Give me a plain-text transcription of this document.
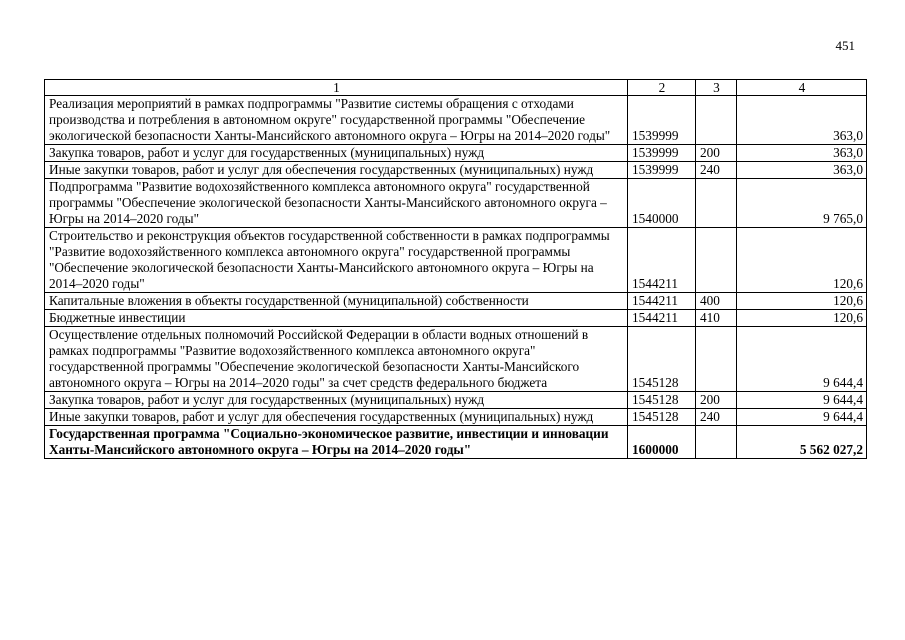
451
1	2	3	4
Реализация мероприятий в рамках подпрограммы "Развитие системы обращения с отходами производства и потребления в автономном округе" государственной программы "Обеспечение экологической безопасности Ханты-Мансийского автономного округа – Югры на 2014–2020 годы"	1539999		363,0
Закупка товаров, работ и услуг для государственных (муниципальных) нужд	1539999	200	363,0
Иные закупки товаров, работ и услуг для обеспечения государственных (муниципальных) нужд	1539999	240	363,0
Подпрограмма "Развитие водохозяйственного комплекса автономного округа" государственной программы "Обеспечение экологической безопасности Ханты-Мансийского автономного округа – Югры на 2014–2020 годы"	1540000		9 765,0
Строительство и реконструкция объектов государственной собственности в рамках подпрограммы "Развитие водохозяйственного комплекса автономного округа" государственной программы "Обеспечение экологической безопасности Ханты-Мансийского автономного округа – Югры на 2014–2020 годы"	1544211		120,6
Капитальные вложения в объекты государственной (муниципальной) собственности	1544211	400	120,6
Бюджетные инвестиции	1544211	410	120,6
Осуществление отдельных полномочий Российской Федерации в области водных отношений в рамках подпрограммы "Развитие водохозяйственного комплекса автономного округа" государственной программы "Обеспечение экологической безопасности Ханты-Мансийского автономного округа – Югры на 2014–2020 годы" за счет средств федерального бюджета	1545128		9 644,4
Закупка товаров, работ и услуг для государственных (муниципальных) нужд	1545128	200	9 644,4
Иные закупки товаров, работ и услуг для обеспечения государственных (муниципальных) нужд	1545128	240	9 644,4
Государственная программа "Социально-экономическое развитие, инвестиции и инновации Ханты-Мансийского автономного округа – Югры на 2014–2020 годы"	1600000		5 562 027,2
